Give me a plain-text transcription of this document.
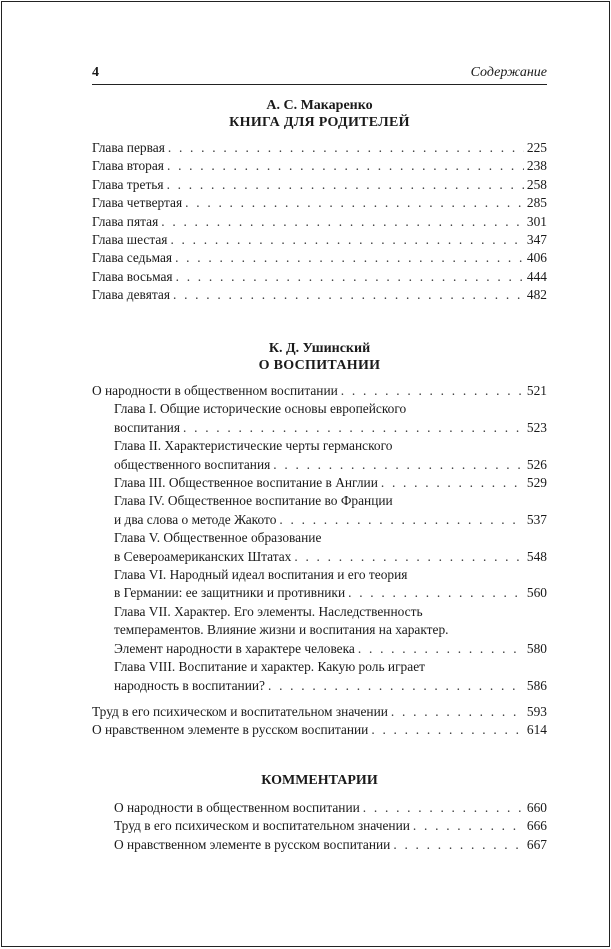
4	Содержание
А. С. Макаренко
КНИГА ДЛЯ РОДИТЕЛЕЙ
Глава первая . . .	225
Глава вторая . . .	238
Глава третья . . .	258
Глава четвертая . . .	285
Глава пятая . . .	301
Глава шестая . . .	347
Глава седьмая . . .	406
Глава восьмая . . .	444
Глава девятая . . .	482
К. Д. Ушинский
О ВОСПИТАНИИ
О народности в общественном воспитании . . .	521
Глава I. Общие исторические основы европейского
воспитания . . .	523
Глава II. Характеристические черты германского
общественного воспитания . . .	526
Глава III. Общественное воспитание в Англии . . .	529
Глава IV. Общественное воспитание во Франции
и два слова о методе Жакото . . .	537
Глава V. Общественное образование
в Североамериканских Штатах . . .	548
Глава VI. Народный идеал воспитания и его теория
в Германии: ее защитники и противники . . .	560
Глава VII. Характер. Его элементы. Наследственность
темпераментов. Влияние жизни и воспитания на характер.
Элемент народности в характере человека . . .	580
Глава VIII. Воспитание и характер. Какую роль играет
народность в воспитании? . . .	586
Труд в его психическом и воспитательном значении . . .	593
О нравственном элементе в русском воспитании . . .	614
КОММЕНТАРИИ
О народности в общественном воспитании . . .	660
Труд в его психическом и воспитательном значении . . .	666
О нравственном элементе в русском воспитании . . .	667
